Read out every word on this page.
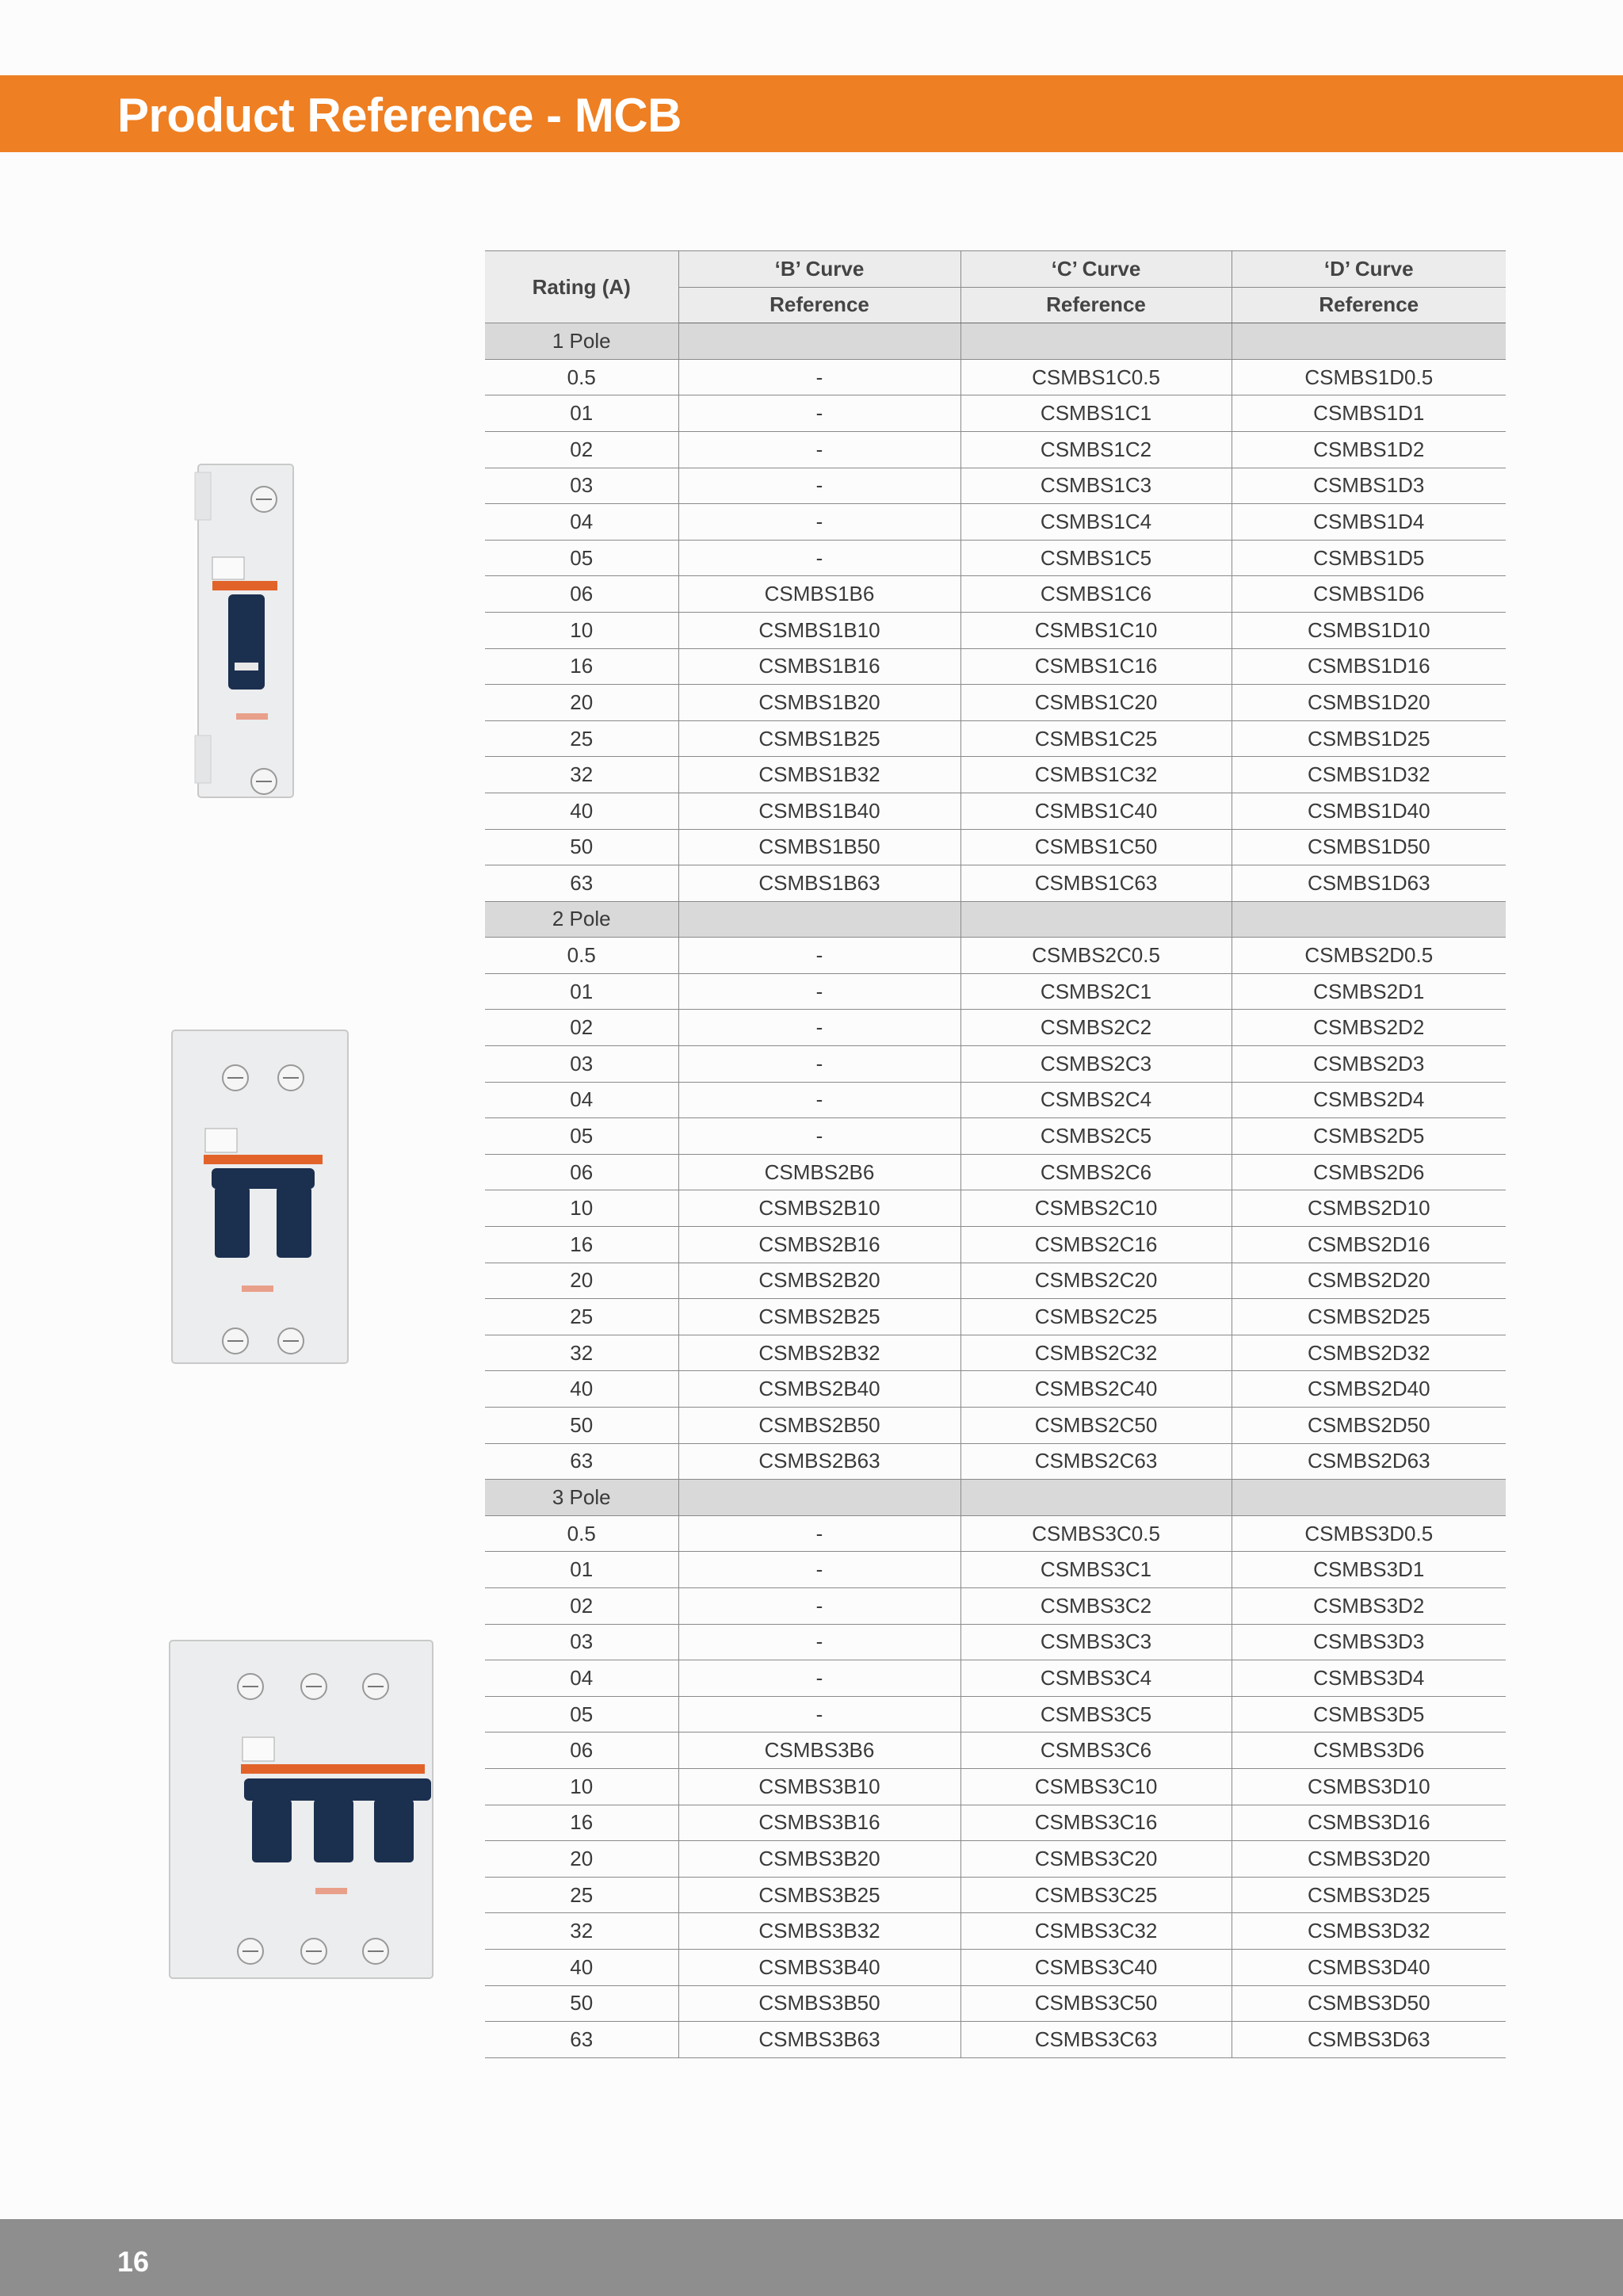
Product Reference - MCB
Rating (A)	‘B’ Curve	‘C’ Curve	‘D’ Curve
	Reference	Reference	Reference
1 Pole			
0.5	-	CSMBS1C0.5	CSMBS1D0.5
01	-	CSMBS1C1	CSMBS1D1
02	-	CSMBS1C2	CSMBS1D2
03	-	CSMBS1C3	CSMBS1D3
04	-	CSMBS1C4	CSMBS1D4
05	-	CSMBS1C5	CSMBS1D5
06	CSMBS1B6	CSMBS1C6	CSMBS1D6
10	CSMBS1B10	CSMBS1C10	CSMBS1D10
16	CSMBS1B16	CSMBS1C16	CSMBS1D16
20	CSMBS1B20	CSMBS1C20	CSMBS1D20
25	CSMBS1B25	CSMBS1C25	CSMBS1D25
32	CSMBS1B32	CSMBS1C32	CSMBS1D32
40	CSMBS1B40	CSMBS1C40	CSMBS1D40
50	CSMBS1B50	CSMBS1C50	CSMBS1D50
63	CSMBS1B63	CSMBS1C63	CSMBS1D63
2 Pole			
0.5	-	CSMBS2C0.5	CSMBS2D0.5
01	-	CSMBS2C1	CSMBS2D1
02	-	CSMBS2C2	CSMBS2D2
03	-	CSMBS2C3	CSMBS2D3
04	-	CSMBS2C4	CSMBS2D4
05	-	CSMBS2C5	CSMBS2D5
06	CSMBS2B6	CSMBS2C6	CSMBS2D6
10	CSMBS2B10	CSMBS2C10	CSMBS2D10
16	CSMBS2B16	CSMBS2C16	CSMBS2D16
20	CSMBS2B20	CSMBS2C20	CSMBS2D20
25	CSMBS2B25	CSMBS2C25	CSMBS2D25
32	CSMBS2B32	CSMBS2C32	CSMBS2D32
40	CSMBS2B40	CSMBS2C40	CSMBS2D40
50	CSMBS2B50	CSMBS2C50	CSMBS2D50
63	CSMBS2B63	CSMBS2C63	CSMBS2D63
3 Pole			
0.5	-	CSMBS3C0.5	CSMBS3D0.5
01	-	CSMBS3C1	CSMBS3D1
02	-	CSMBS3C2	CSMBS3D2
03	-	CSMBS3C3	CSMBS3D3
04	-	CSMBS3C4	CSMBS3D4
05	-	CSMBS3C5	CSMBS3D5
06	CSMBS3B6	CSMBS3C6	CSMBS3D6
10	CSMBS3B10	CSMBS3C10	CSMBS3D10
16	CSMBS3B16	CSMBS3C16	CSMBS3D16
20	CSMBS3B20	CSMBS3C20	CSMBS3D20
25	CSMBS3B25	CSMBS3C25	CSMBS3D25
32	CSMBS3B32	CSMBS3C32	CSMBS3D32
40	CSMBS3B40	CSMBS3C40	CSMBS3D40
50	CSMBS3B50	CSMBS3C50	CSMBS3D50
63	CSMBS3B63	CSMBS3C63	CSMBS3D63
16
